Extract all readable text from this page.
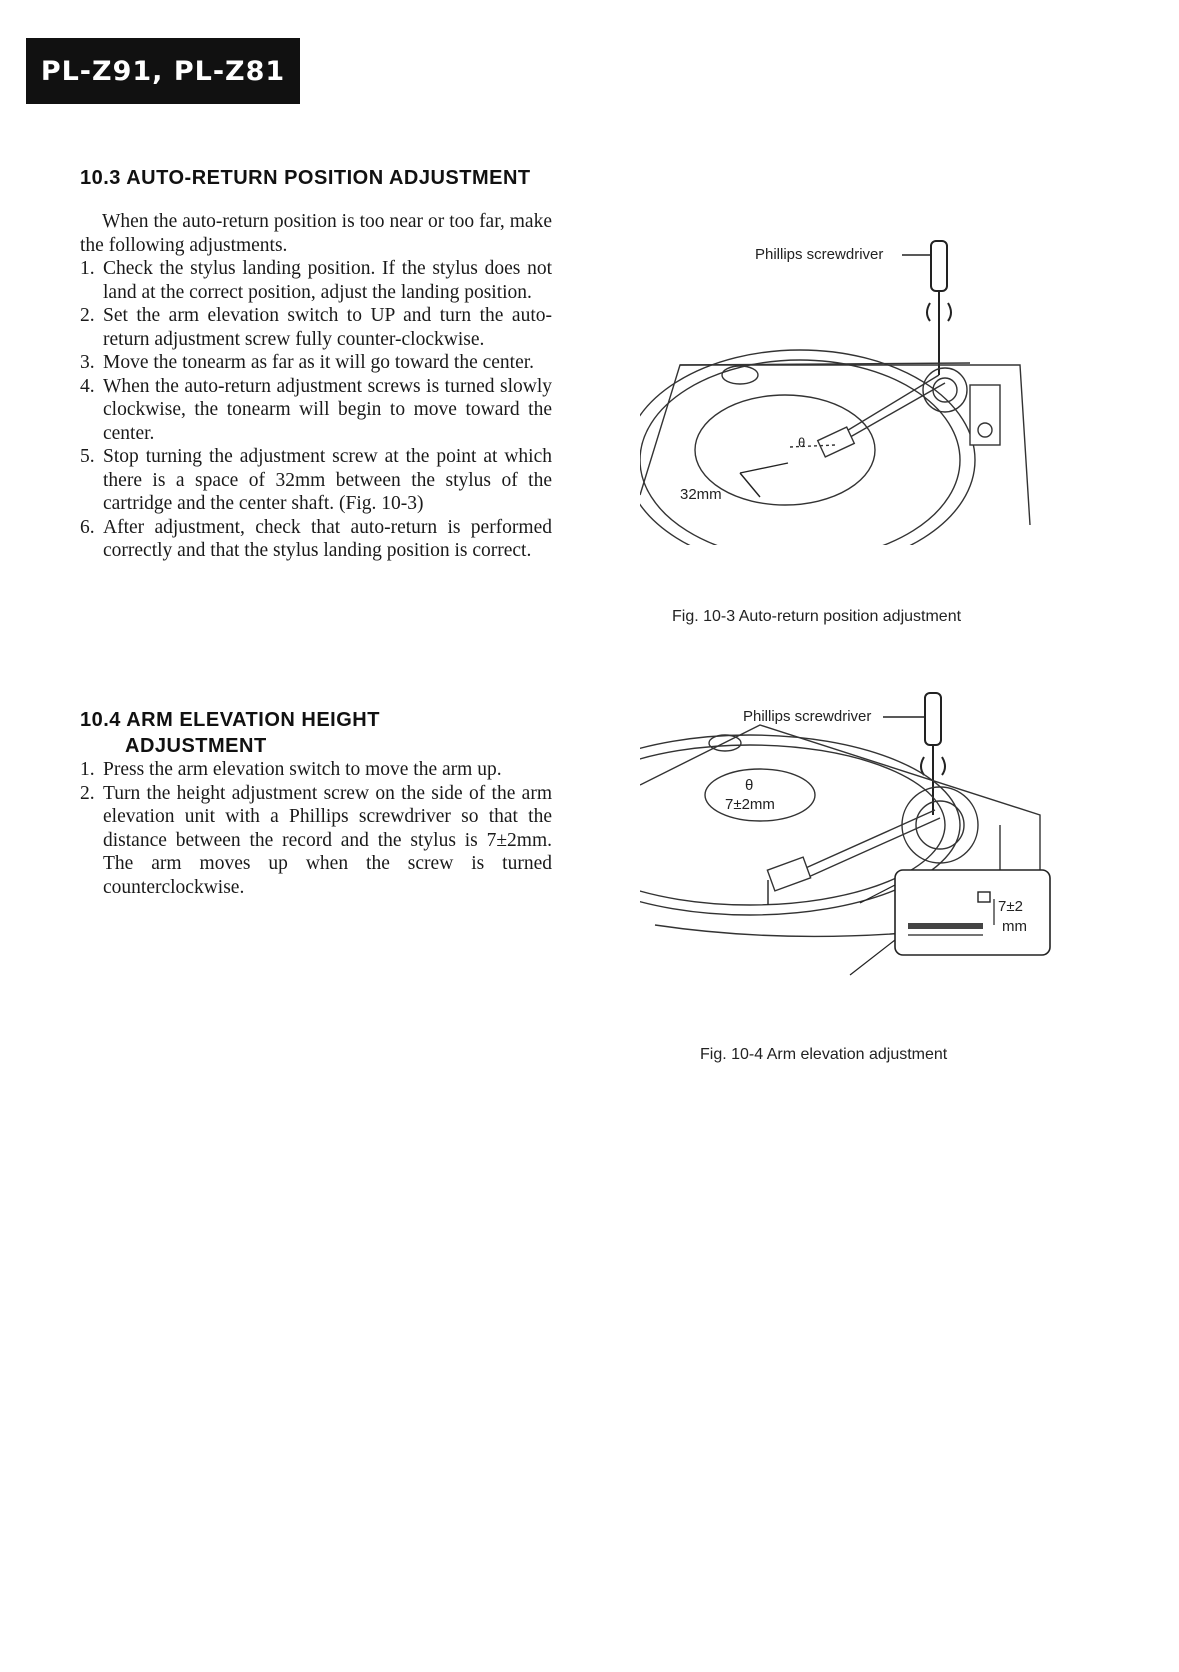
PL-Z91, PL-Z81
10.3 AUTO-RETURN POSITION ADJUSTMENT
When the auto-return position is too near or too far, make the following adjustments.
1. Check the stylus landing position. If the stylus does not land at the correct position, adjust the landing position.
2. Set the arm elevation switch to UP and turn the auto-return adjustment screw fully counter-clockwise.
3. Move the tonearm as far as it will go toward the center.
4. When the auto-return adjustment screws is turned slowly clockwise, the tonearm will begin to move toward the center.
5. Stop turning the adjustment screw at the point at which there is a space of 32mm between the stylus of the cartridge and the center shaft. (Fig. 10-3)
6. After adjustment, check that auto-return is performed correctly and that the stylus landing position is correct.
10.4 ARM ELEVATION HEIGHT
ADJUSTMENT
1. Press the arm elevation switch to move the arm up.
2. Turn the height adjustment screw on the side of the arm elevation unit with a Phillips screwdriver so that the distance between the record and the stylus is 7±2mm. The arm moves up when the screw is turned counterclockwise.
Phillips screwdriver
θ
32mm
Fig. 10-3 Auto-return position adjustment
Phillips screwdriver
θ
7±2mm
7±2
mm
Fig. 10-4 Arm elevation adjustment
